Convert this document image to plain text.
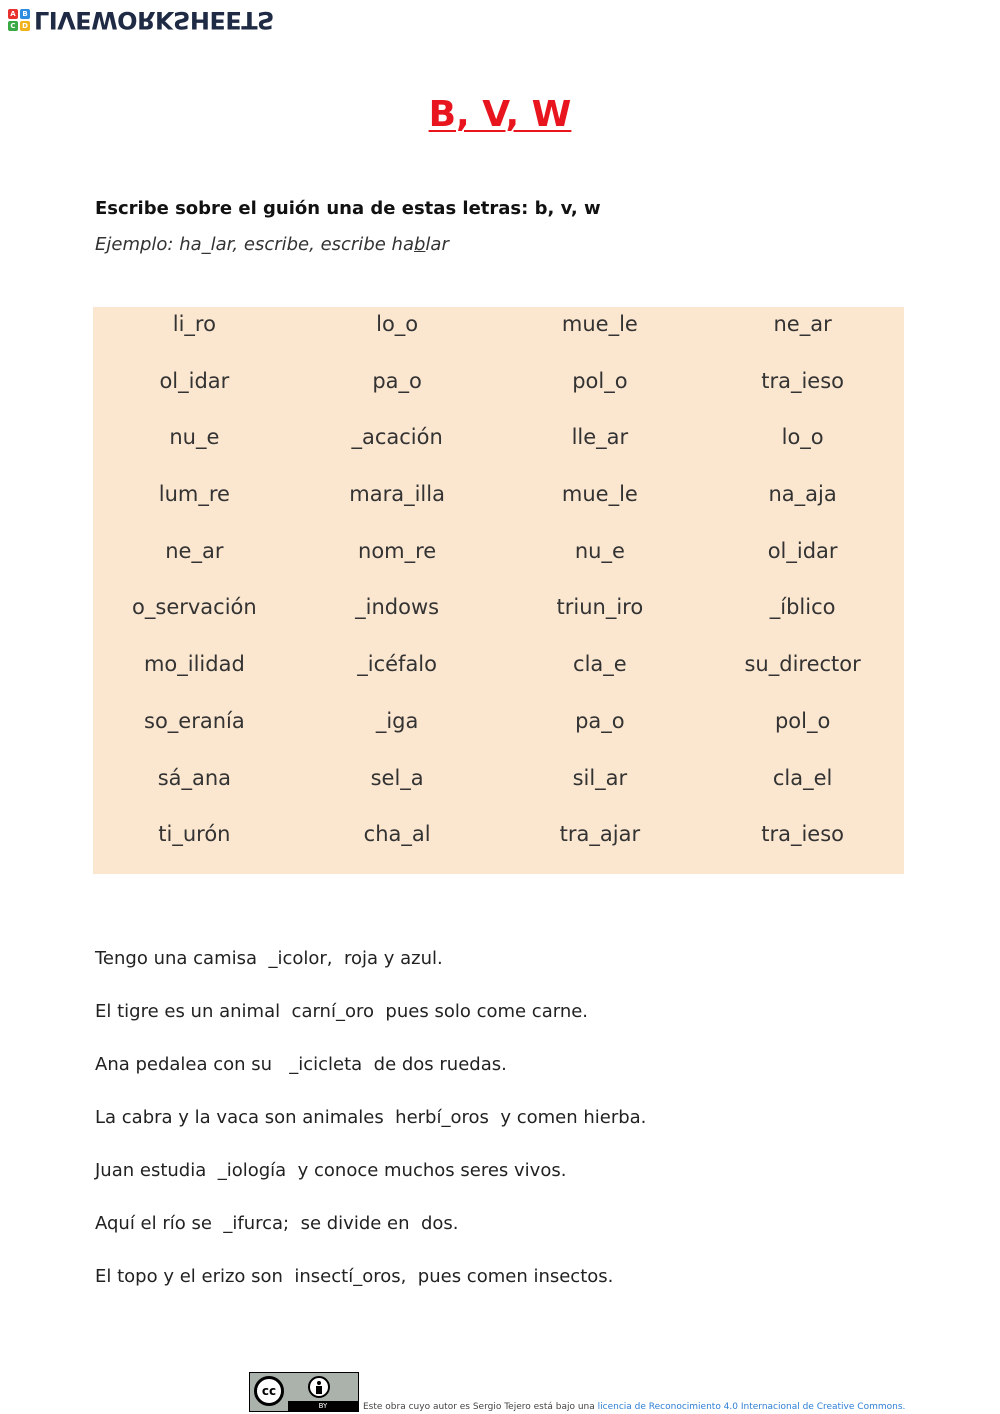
A B
C D LIVEWORKSHEETS
B, V, W
Escribe sobre el guión una de estas letras: b, v, w
Ejemplo: ha_lar, escribe, escribe hablar
li_ro	lo_o	mue_le	ne_ar
ol_idar	pa_o	pol_o	tra_ieso
nu_e	_acación	lle_ar	lo_o
lum_re	mara_illa	mue_le	na_aja
ne_ar	nom_re	nu_e	ol_idar
o_servación	_indows	triun_iro	_íblico
mo_ilidad	_icéfalo	cla_e	su_director
so_eranía	_iga	pa_o	pol_o
sá_ana	sel_a	sil_ar	cla_el
ti_urón	cha_al	tra_ajar	tra_ieso
Tengo una camisa  _icolor,  roja y azul.
El tigre es un animal  carní_oro  pues solo come carne.
Ana pedalea con su   _icicleta  de dos ruedas.
La cabra y la vaca son animales  herbí_oros  y comen hierba.
Juan estudia  _iología  y conoce muchos seres vivos.
Aquí el río se  _ifurca;  se divide en  dos.
El topo y el erizo son  insectí_oros,  pues comen insectos.
cc
BY	Este obra cuyo autor es Sergio Tejero está bajo una licencia de Reconocimiento 4.0 Internacional de Creative Commons.
